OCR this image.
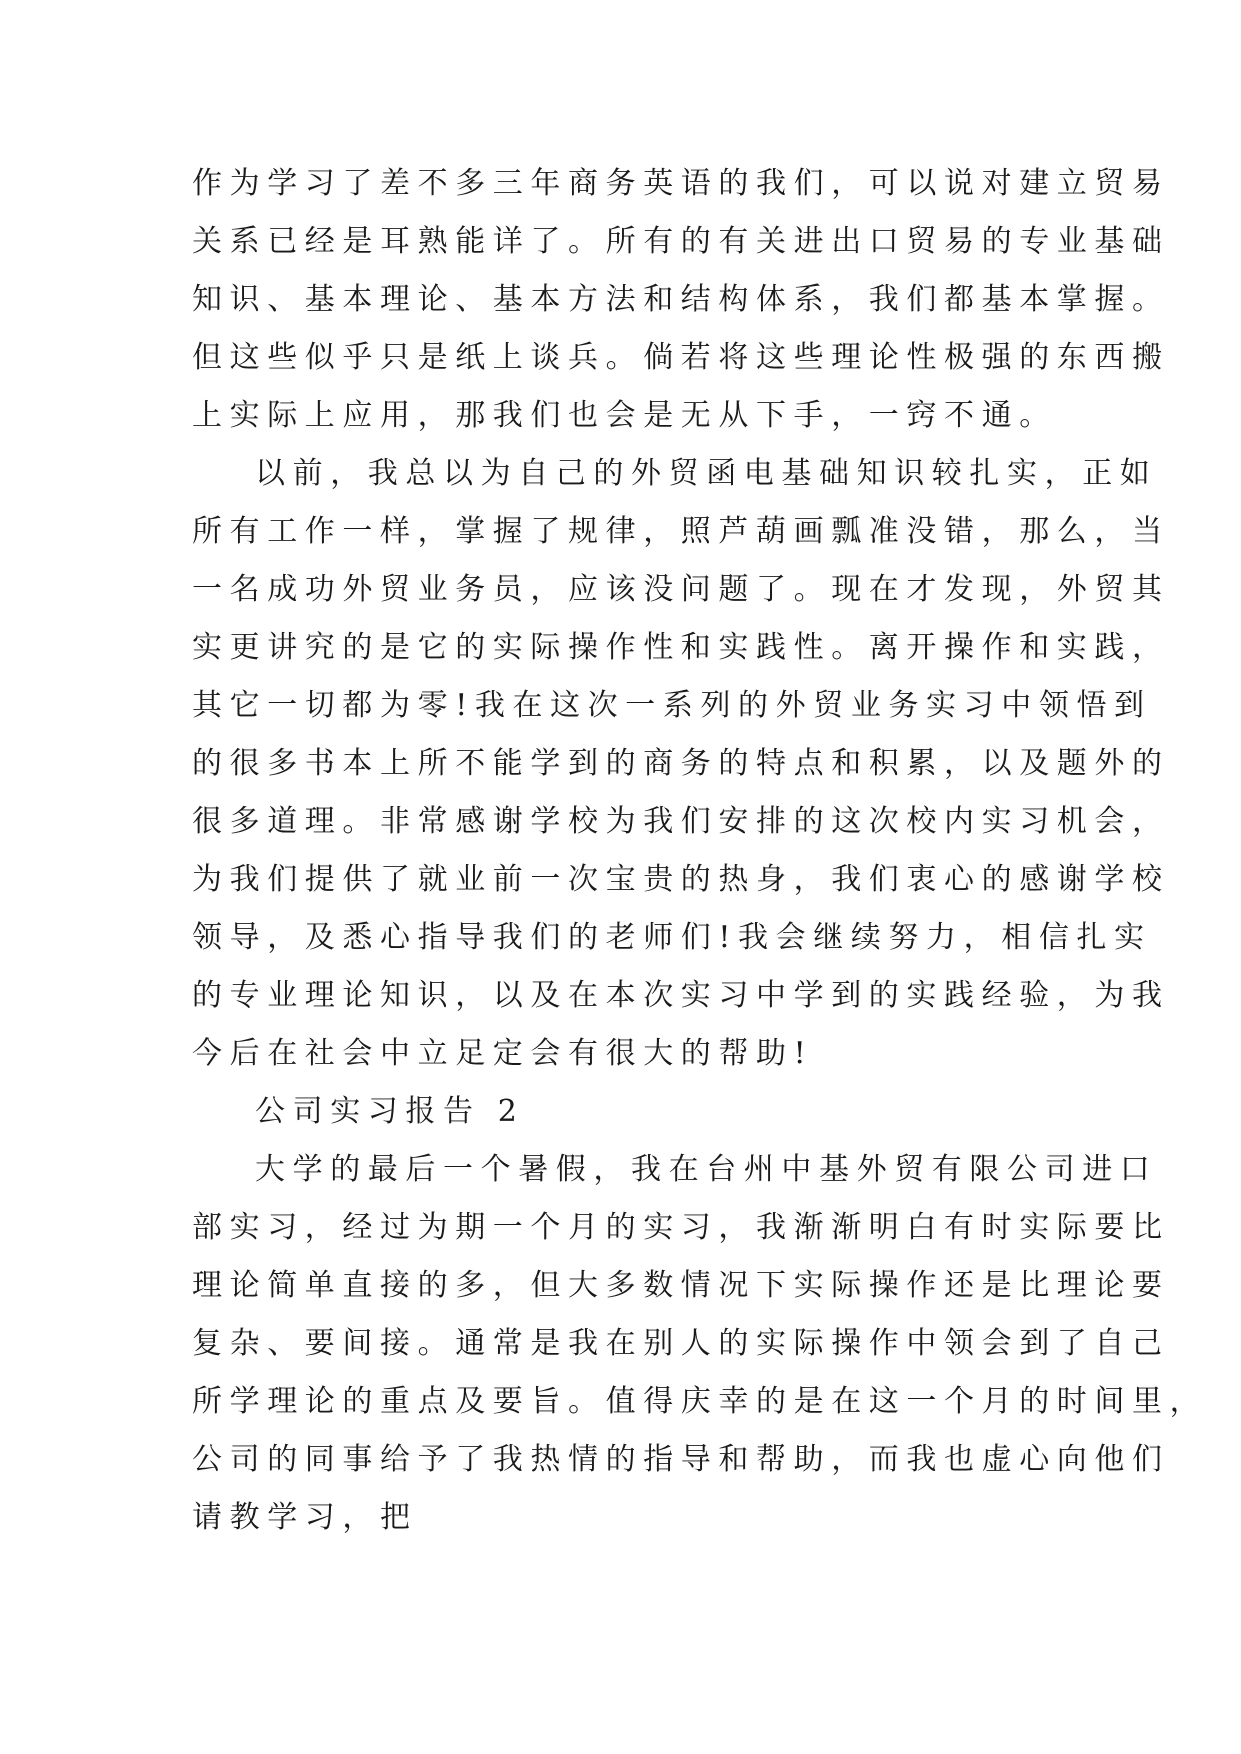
作为学习了差不多三年商务英语的我们，可以说对建立贸易
关系已经是耳熟能详了。所有的有关进出口贸易的专业基础
知识、基本理论、基本方法和结构体系，我们都基本掌握。
但这些似乎只是纸上谈兵。倘若将这些理论性极强的东西搬
上实际上应用，那我们也会是无从下手，一窍不通。
以前，我总以为自己的外贸函电基础知识较扎实，正如
所有工作一样，掌握了规律，照芦葫画瓢准没错，那么，当
一名成功外贸业务员，应该没问题了。现在才发现，外贸其
实更讲究的是它的实际操作性和实践性。离开操作和实践，
其它一切都为零!我在这次一系列的外贸业务实习中领悟到
的很多书本上所不能学到的商务的特点和积累，以及题外的
很多道理。非常感谢学校为我们安排的这次校内实习机会，
为我们提供了就业前一次宝贵的热身，我们衷心的感谢学校
领导，及悉心指导我们的老师们!我会继续努力，相信扎实
的专业理论知识，以及在本次实习中学到的实践经验，为我
今后在社会中立足定会有很大的帮助!
公司实习报告 2
大学的最后一个暑假，我在台州中基外贸有限公司进口
部实习，经过为期一个月的实习，我渐渐明白有时实际要比
理论简单直接的多，但大多数情况下实际操作还是比理论要
复杂、要间接。通常是我在别人的实际操作中领会到了自己
所学理论的重点及要旨。值得庆幸的是在这一个月的时间里，
公司的同事给予了我热情的指导和帮助，而我也虚心向他们
请教学习，把
